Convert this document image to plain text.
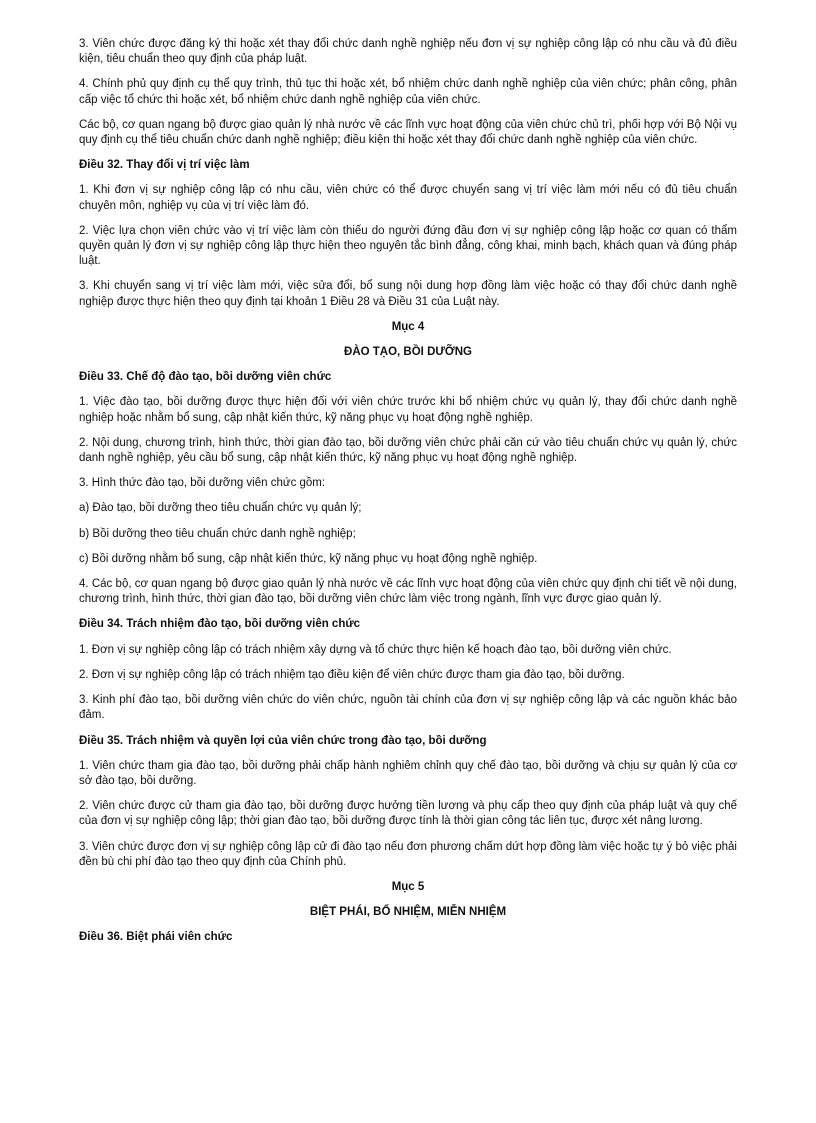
3. Viên chức được đăng ký thi hoặc xét thay đổi chức danh nghề nghiệp nếu đơn vị sự nghiệp công lập có nhu cầu và đủ điều kiện, tiêu chuẩn theo quy định của pháp luật.

4. Chính phủ quy định cụ thể quy trình, thủ tục thi hoặc xét, bổ nhiệm chức danh nghề nghiệp của viên chức; phân công, phân cấp việc tổ chức thi hoặc xét, bổ nhiệm chức danh nghề nghiệp của viên chức.

Các bộ, cơ quan ngang bộ được giao quản lý nhà nước về các lĩnh vực hoạt động của viên chức chủ trì, phối hợp với Bộ Nội vụ quy định cụ thể tiêu chuẩn chức danh nghề nghiệp; điều kiện thi hoặc xét thay đổi chức danh nghề nghiệp của viên chức.

Điều 32. Thay đổi vị trí việc làm

1. Khi đơn vị sự nghiệp công lập có nhu cầu, viên chức có thể được chuyển sang vị trí việc làm mới nếu có đủ tiêu chuẩn chuyên môn, nghiệp vụ của vị trí việc làm đó.

2. Việc lựa chọn viên chức vào vị trí việc làm còn thiếu do người đứng đầu đơn vị sự nghiệp công lập hoặc cơ quan có thẩm quyền quản lý đơn vị sự nghiệp công lập thực hiện theo nguyên tắc bình đẳng, công khai, minh bạch, khách quan và đúng pháp luật.

3. Khi chuyển sang vị trí việc làm mới, việc sửa đổi, bổ sung nội dung hợp đồng làm việc hoặc có thay đổi chức danh nghề nghiệp được thực hiện theo quy định tại khoản 1 Điều 28 và Điều 31 của Luật này.

Mục 4

ĐÀO TẠO, BỒI DƯỠNG

Điều 33. Chế độ đào tạo, bồi dưỡng viên chức

1. Việc đào tạo, bồi dưỡng được thực hiện đối với viên chức trước khi bổ nhiệm chức vụ quản lý, thay đổi chức danh nghề nghiệp hoặc nhằm bổ sung, cập nhật kiến thức, kỹ năng phục vụ hoạt động nghề nghiệp.

2. Nội dung, chương trình, hình thức, thời gian đào tạo, bồi dưỡng viên chức phải căn cứ vào tiêu chuẩn chức vụ quản lý, chức danh nghề nghiệp, yêu cầu bổ sung, cập nhật kiến thức, kỹ năng phục vụ hoạt động nghề nghiệp.

3. Hình thức đào tạo, bồi dưỡng viên chức gồm:

a) Đào tạo, bồi dưỡng theo tiêu chuẩn chức vụ quản lý;

b) Bồi dưỡng theo tiêu chuẩn chức danh nghề nghiệp;

c) Bồi dưỡng nhằm bổ sung, cập nhật kiến thức, kỹ năng phục vụ hoạt động nghề nghiệp.

4. Các bộ, cơ quan ngang bộ được giao quản lý nhà nước về các lĩnh vực hoạt động của viên chức quy định chi tiết về nội dung, chương trình, hình thức, thời gian đào tạo, bồi dưỡng viên chức làm việc trong ngành, lĩnh vực được giao quản lý.

Điều 34. Trách nhiệm đào tạo, bồi dưỡng viên chức

1. Đơn vị sự nghiệp công lập có trách nhiệm xây dựng và tổ chức thực hiện kế hoạch đào tạo, bồi dưỡng viên chức.

2. Đơn vị sự nghiệp công lập có trách nhiệm tạo điều kiện để viên chức được tham gia đào tạo, bồi dưỡng.

3. Kinh phí đào tạo, bồi dưỡng viên chức do viên chức, nguồn tài chính của đơn vị sự nghiệp công lập và các nguồn khác bảo đảm.

Điều 35. Trách nhiệm và quyền lợi của viên chức trong đào tạo, bồi dưỡng

1. Viên chức tham gia đào tạo, bồi dưỡng phải chấp hành nghiêm chỉnh quy chế đào tạo, bồi dưỡng và chịu sự quản lý của cơ sở đào tạo, bồi dưỡng.

2. Viên chức được cử tham gia đào tạo, bồi dưỡng được hưởng tiền lương và phụ cấp theo quy định của pháp luật và quy chế của đơn vị sự nghiệp công lập; thời gian đào tạo, bồi dưỡng được tính là thời gian công tác liên tục, được xét nâng lương.

3. Viên chức được đơn vị sự nghiệp công lập cử đi đào tạo nếu đơn phương chấm dứt hợp đồng làm việc hoặc tự ý bỏ việc phải đền bù chi phí đào tạo theo quy định của Chính phủ.

Mục 5

BIỆT PHÁI, BỔ NHIỆM, MIỄN NHIỆM

Điều 36. Biệt phái viên chức
